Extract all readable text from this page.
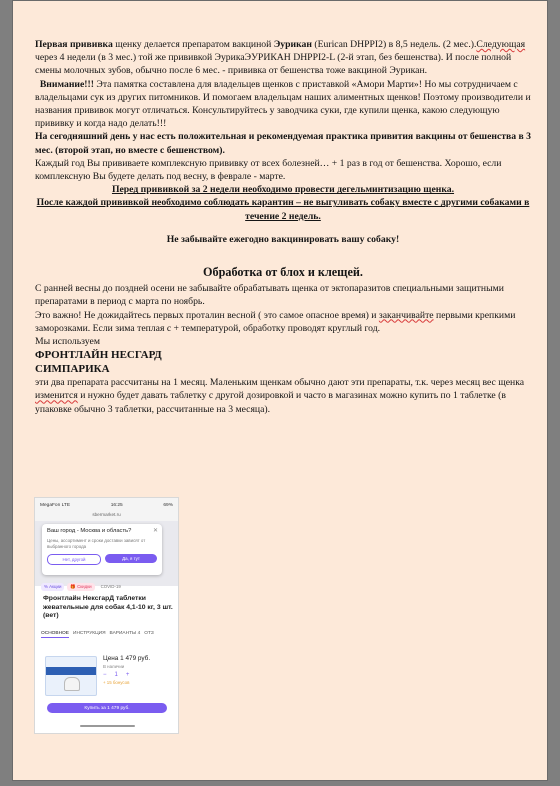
Первая прививка щенку делается препаратом вакциной Эурикан (Eurican DHPPI2) в 8,5 недель. (2 мес.).Следующая через 4 недели (в 3 мес.) той же прививкой ЭурикаЭУРИКАН DHPPI2-L (2-й этап, без бешенства). И после полной смены молочных зубов, обычно после 6 мес. - прививка от бешенства тоже вакциной Эурикан.

Внимание!!! Эта памятка составлена для владельцев щенков с приставкой «Амори Марти»! Но мы сотрудничаем с владельцами сук из других питомников. И помогаем владельцам наших алиментных щенков! Поэтому производители и названия прививок могут отличаться. Консультируйтесь у заводчика суки, где купили щенка, какою следующую прививку и когда надо делать!!!

На сегодняшний день у нас есть положительная и рекомендуемая практика привития вакцины от бешенства в 3 мес. (второй этап, но вместе с бешенством).

Каждый год Вы прививаете комплексную прививку от всех болезней… + 1 раз в год от бешенства. Хорошо, если комплексную Вы будете делать под весну, в феврале - марте.

Перед прививкой за 2 недели необходимо провести дегельминтизацию щенка.

После каждой прививкой необходимо соблюдать карантин – не выгуливать собаку вместе с другими собаками в течение 2 недель.

Не забывайте ежегодно вакцинировать вашу собаку!

Обработка от блох и клещей.

С ранней весны до поздней осени не забывайте обрабатывать щенка от эктопаразитов специальными защитными препаратами в период с марта по ноябрь.

Это важно! Не дожидайтесь первых проталин весной ( это самое опасное время) и заканчивайте первыми крепкими заморозками. Если зима теплая с + температурой, обработку проводят круглый год.

Мы используем

ФРОНТЛАЙН НЕСГАРД

СИМПАРИКА

эти два препарата рассчитаны на 1 месяц. Маленьким щенкам обычно дают эти препараты, т.к. через месяц вес щенка изменится и нужно будет давать таблетку с другой дозировкой и часто в магазинах можно купить по 1 таблетке (в упаковке обычно 3 таблетки, рассчитанные на 3 месяца).

MegaFon LTE	16:25	69%
sbermarket.ru
Ваш город - Москва и область?	✕
Цены, ассортимент и сроки доставки зависят от выбранного города
Нет, другой	Да, я тут
% Акции	🎁 Скидки	COVID-19
Фронтлайн НексгарД таблетки жевательные для собак 4,1-10 кг, 3 шт. (вет)
ОСНОВНОЕ ИНСТРУКЦИЯ ВАРИАНТЫ 4 ОТЗ
Цена 1 479 руб.
В наличии
− 1 +
+ 15 бонусов
Купить за 1 479 руб.
